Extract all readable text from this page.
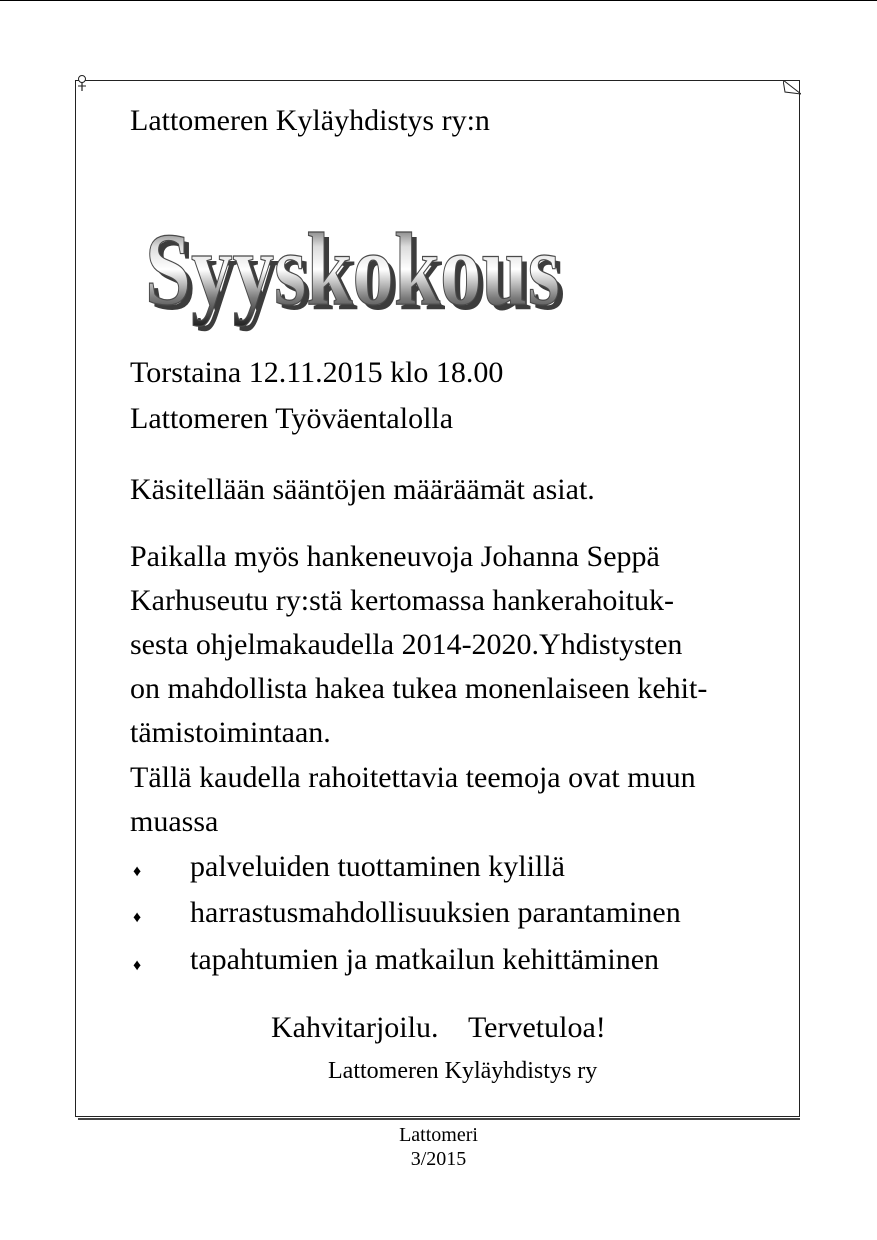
Lattomeren Kyläyhdistys ry:n
Syyskokous
Syyskokous
Torstaina 12.11.2015 klo 18.00
Lattomeren Työväentalolla
Käsitellään sääntöjen määräämät asiat.
Paikalla myös hankeneuvoja Johanna Seppä
Karhuseutu ry:stä kertomassa hankerahoituk-
sesta ohjelmakaudella 2014-2020.Yhdistysten
on mahdollista hakea tukea monenlaiseen kehit-
tämistoimintaan.
Tällä kaudella rahoitettavia teemoja ovat muun
muassa
♦ palveluiden tuottaminen kylillä
♦ harrastusmahdollisuuksien parantaminen
♦ tapahtumien ja matkailun kehittäminen
Kahvitarjoilu. Tervetuloa!
Lattomeren Kyläyhdistys ry
Lattomeri
3/2015
